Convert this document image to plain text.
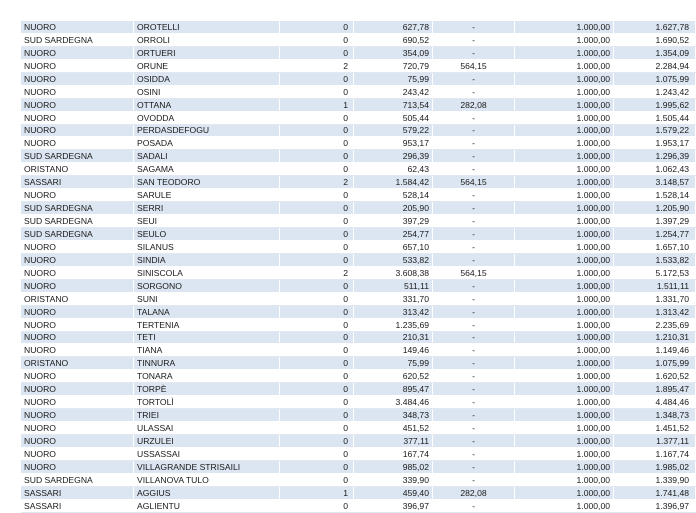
NUORO	OROTELLI	0	627,78	-	1.000,00	1.627,78
SUD SARDEGNA	ORROLI	0	690,52	-	1.000,00	1.690,52
NUORO	ORTUERI	0	354,09	-	1.000,00	1.354,09
NUORO	ORUNE	2	720,79	564,15	1.000,00	2.284,94
NUORO	OSIDDA	0	75,99	-	1.000,00	1.075,99
NUORO	OSINI	0	243,42	-	1.000,00	1.243,42
NUORO	OTTANA	1	713,54	282,08	1.000,00	1.995,62
NUORO	OVODDA	0	505,44	-	1.000,00	1.505,44
NUORO	PERDASDEFOGU	0	579,22	-	1.000,00	1.579,22
NUORO	POSADA	0	953,17	-	1.000,00	1.953,17
SUD SARDEGNA	SADALI	0	296,39	-	1.000,00	1.296,39
ORISTANO	SAGAMA	0	62,43	-	1.000,00	1.062,43
SASSARI	SAN TEODORO	2	1.584,42	564,15	1.000,00	3.148,57
NUORO	SARULE	0	528,14	-	1.000,00	1.528,14
SUD SARDEGNA	SERRI	0	205,90	-	1.000,00	1.205,90
SUD SARDEGNA	SEUI	0	397,29	-	1.000,00	1.397,29
SUD SARDEGNA	SEULO	0	254,77	-	1.000,00	1.254,77
NUORO	SILANUS	0	657,10	-	1.000,00	1.657,10
NUORO	SINDIA	0	533,82	-	1.000,00	1.533,82
NUORO	SINISCOLA	2	3.608,38	564,15	1.000,00	5.172,53
NUORO	SORGONO	0	511,11	-	1.000,00	1.511,11
ORISTANO	SUNI	0	331,70	-	1.000,00	1.331,70
NUORO	TALANA	0	313,42	-	1.000,00	1.313,42
NUORO	TERTENIA	0	1.235,69	-	1.000,00	2.235,69
NUORO	TETI	0	210,31	-	1.000,00	1.210,31
NUORO	TIANA	0	149,46	-	1.000,00	1.149,46
ORISTANO	TINNURA	0	75,99	-	1.000,00	1.075,99
NUORO	TONARA	0	620,52	-	1.000,00	1.620,52
NUORO	TORPÈ	0	895,47	-	1.000,00	1.895,47
NUORO	TORTOLÌ	0	3.484,46	-	1.000,00	4.484,46
NUORO	TRIEI	0	348,73	-	1.000,00	1.348,73
NUORO	ULASSAI	0	451,52	-	1.000,00	1.451,52
NUORO	URZULEI	0	377,11	-	1.000,00	1.377,11
NUORO	USSASSAI	0	167,74	-	1.000,00	1.167,74
NUORO	VILLAGRANDE STRISAILI	0	985,02	-	1.000,00	1.985,02
SUD SARDEGNA	VILLANOVA TULO	0	339,90	-	1.000,00	1.339,90
SASSARI	AGGIUS	1	459,40	282,08	1.000,00	1.741,48
SASSARI	AGLIENTU	0	396,97	-	1.000,00	1.396,97
